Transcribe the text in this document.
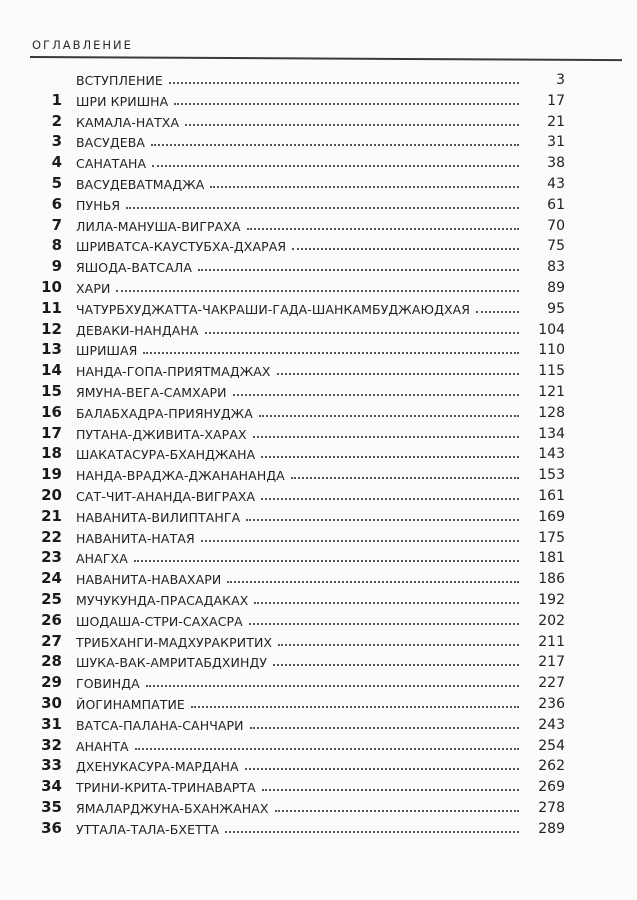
ОГЛАВЛЕНИЕ
ВСТУПЛЕНИЕ	3
1 ШРИ КРИШНА	17
2 КАМАЛА-НАТХА	21
3 ВАСУДЕВА	31
4 САНАТАНА	38
5 ВАСУДЕВАТМАДЖА	43
6 ПУНЬЯ	61
7 ЛИЛА-МАНУША-ВИГРАХА	70
8 ШРИВАТСА-КАУСТУБХА-ДХАРАЯ	75
9 ЯШОДА-ВАТСАЛА	83
10 ХАРИ	89
11 ЧАТУРБХУДЖАТТА-ЧАКРАШИ-ГАДА-ШАНКАМБУДЖАЮДХАЯ	95
12 ДЕВАКИ-НАНДАНА	104
13 ШРИШАЯ	110
14 НАНДА-ГОПА-ПРИЯТМАДЖАХ	115
15 ЯМУНА-ВЕГА-САМХАРИ	121
16 БАЛАБХАДРА-ПРИЯНУДЖА	128
17 ПУТАНА-ДЖИВИТА-ХАРАХ	134
18 ШАКАТАСУРА-БХАНДЖАНА	143
19 НАНДА-ВРАДЖА-ДЖАНАНАНДА	153
20 САТ-ЧИТ-АНАНДА-ВИГРАХА	161
21 НАВАНИТА-ВИЛИПТАНГА	169
22 НАВАНИТА-НАТАЯ	175
23 АНАГХА	181
24 НАВАНИТА-НАВАХАРИ	186
25 МУЧУКУНДА-ПРАСАДАКАХ	192
26 ШОДАША-СТРИ-САХАСРА	202
27 ТРИБХАНГИ-МАДХУРАКРИТИХ	211
28 ШУКА-ВАК-АМРИТАБДХИНДУ	217
29 ГОВИНДА	227
30 ЙОГИНАМПАТИЕ	236
31 ВАТСА-ПАЛАНА-САНЧАРИ	243
32 АНАНТА	254
33 ДХЕНУКАСУРА-МАРДАНА	262
34 ТРИНИ-КРИТА-ТРИНАВАРТА	269
35 ЯМАЛАРДЖУНА-БХАНЖАНАХ	278
36 УТТАЛА-ТАЛА-БХЕТТА	289
